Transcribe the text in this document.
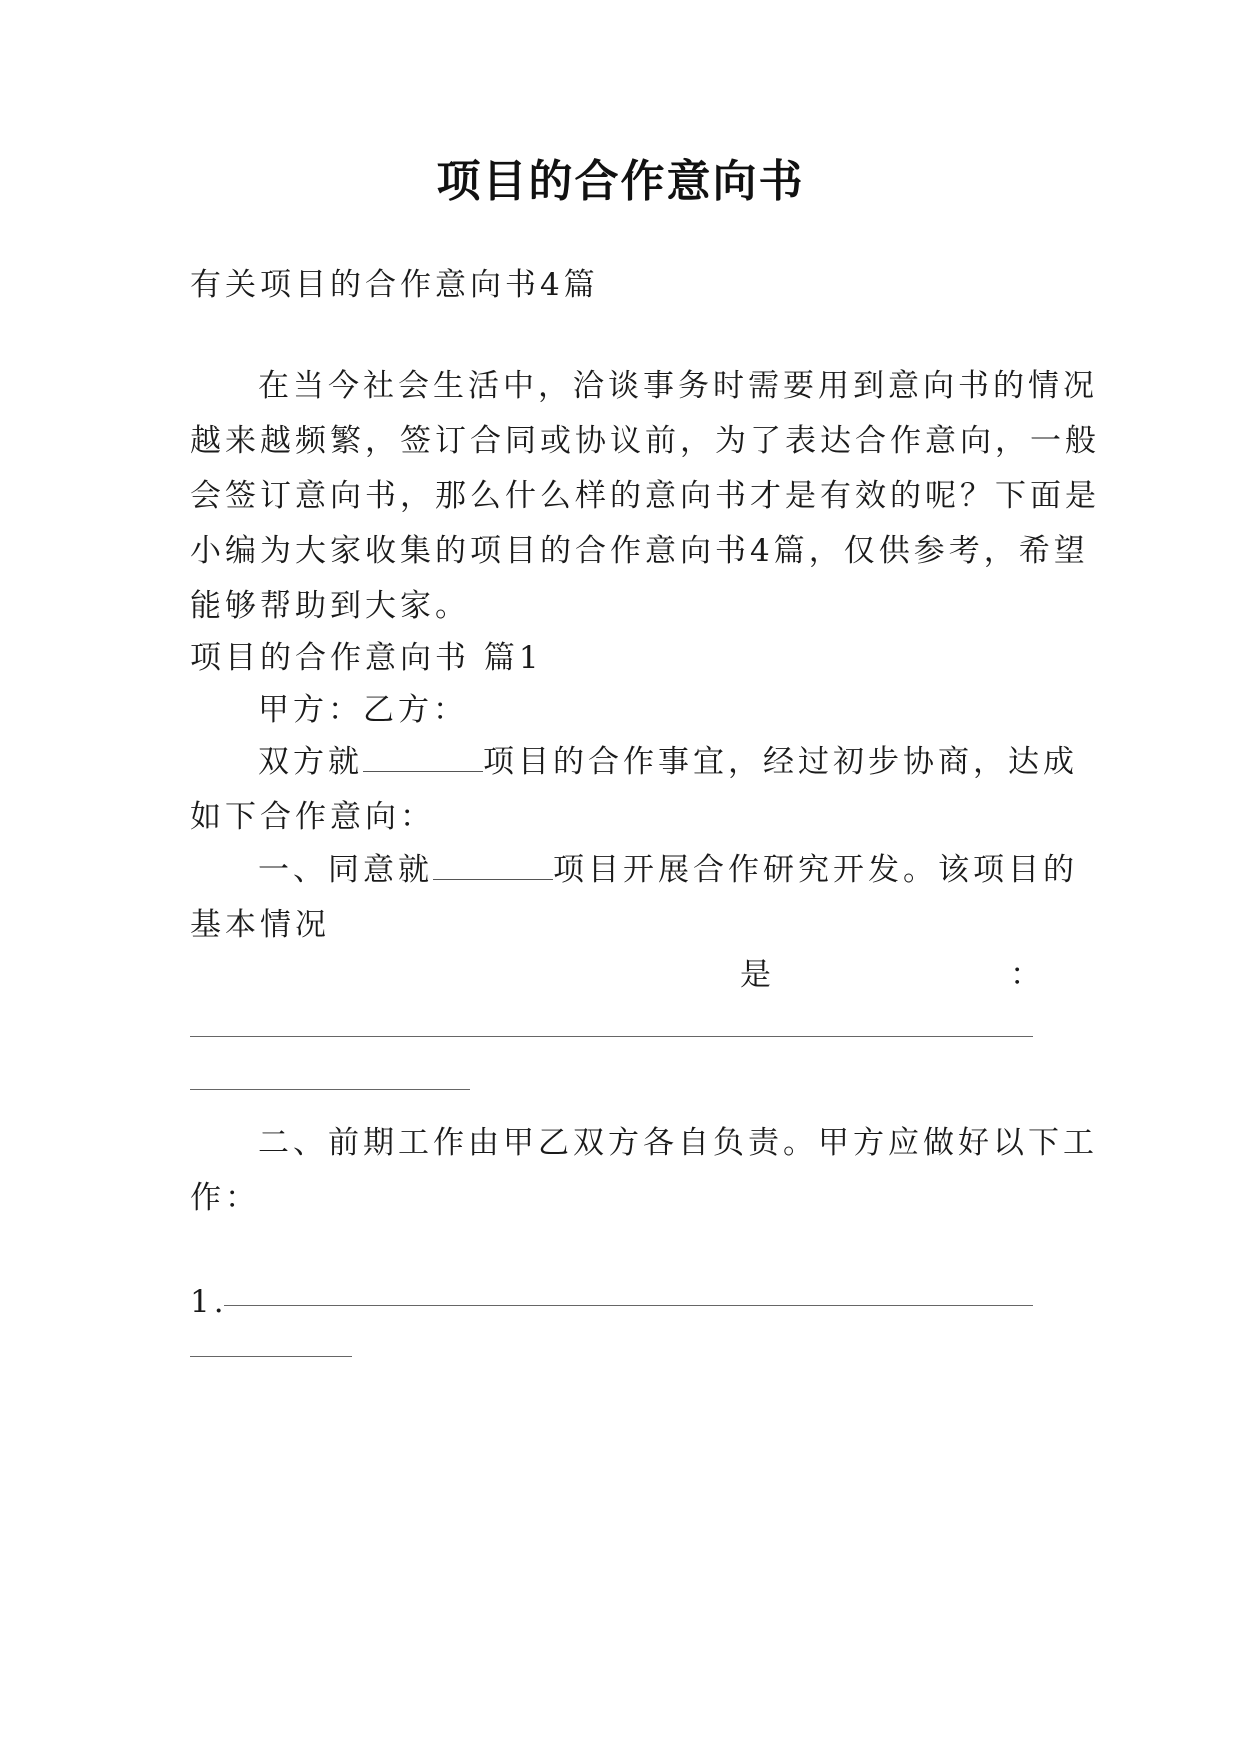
项目的合作意向书
有关项目的合作意向书4篇
在当今社会生活中，洽谈事务时需要用到意向书的情况
越来越频繁，签订合同或协议前，为了表达合作意向，一般
会签订意向书，那么什么样的意向书才是有效的呢？下面是
小编为大家收集的项目的合作意向书4篇，仅供参考，希望
能够帮助到大家。
项目的合作意向书 篇1
甲方：乙方：
双方就	项目的合作事宜，经过初步协商，达成
如下合作意向：
一、同意就	项目开展合作研究开发。该项目的
基本情况
是	：
二、前期工作由甲乙双方各自负责。甲方应做好以下工
作：
1.
